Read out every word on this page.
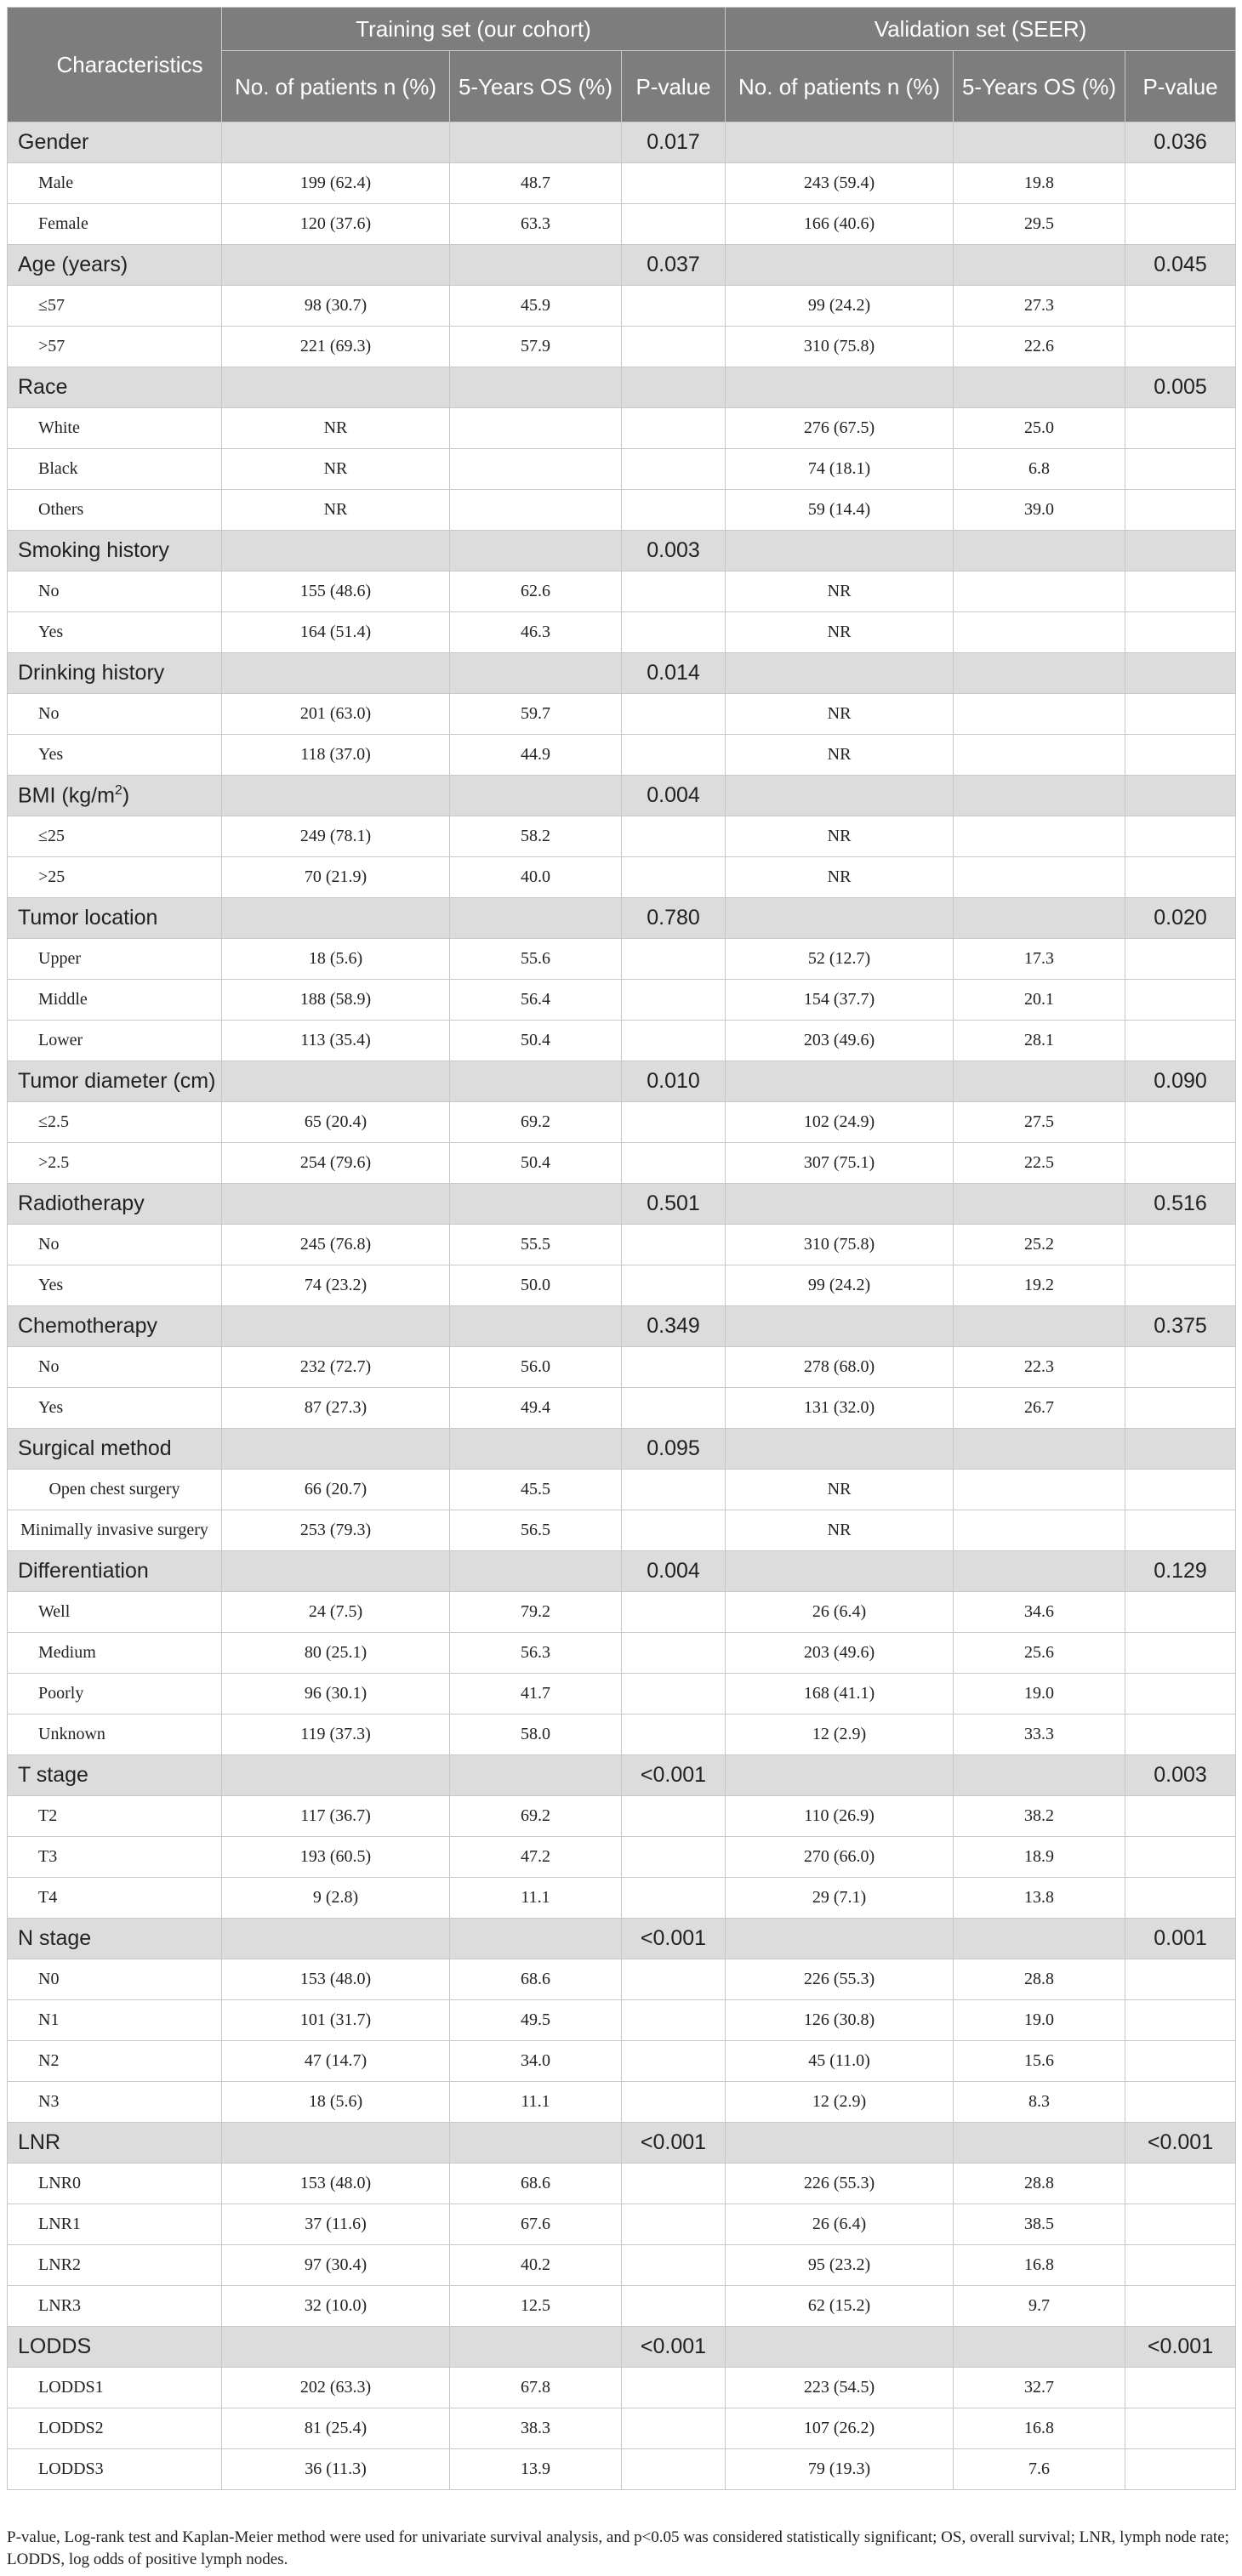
Characteristics	Training set (our cohort)			Validation set (SEER)		
	No. of patients n (%)	5-Years OS (%)	P-value	No. of patients n (%)	5-Years OS (%)	P-value
Gender			0.017			0.036
Male	199 (62.4)	48.7		243 (59.4)	19.8	
Female	120 (37.6)	63.3		166 (40.6)	29.5	
Age (years)			0.037			0.045
≤57	98 (30.7)	45.9		99 (24.2)	27.3	
>57	221 (69.3)	57.9		310 (75.8)	22.6	
Race						0.005
White	NR			276 (67.5)	25.0	
Black	NR			74 (18.1)	6.8	
Others	NR			59 (14.4)	39.0	
Smoking history			0.003			
No	155 (48.6)	62.6		NR		
Yes	164 (51.4)	46.3		NR		
Drinking history			0.014			
No	201 (63.0)	59.7		NR		
Yes	118 (37.0)	44.9		NR		
BMI $(kg/m^2)$			0.004			
≤25	249 (78.1)	58.2		NR		
>25	70 (21.9)	40.0		NR		
Tumor location			0.780			0.020
Upper	18 (5.6)	55.6		52 (12.7)	17.3	
Middle	188 (58.9)	56.4		154 (37.7)	20.1	
Lower	113 (35.4)	50.4		203 (49.6)	28.1	
Tumor diameter (cm)			0.010			0.090
≤2.5	65 (20.4)	69.2		102 (24.9)	27.5	
>2.5	254 (79.6)	50.4		307 (75.1)	22.5	
Radiotherapy			0.501			0.516
No	245 (76.8)	55.5		310 (75.8)	25.2	
Yes	74 (23.2)	50.0		99 (24.2)	19.2	
Chemotherapy			0.349			0.375
No	232 (72.7)	56.0		278 (68.0)	22.3	
Yes	87 (27.3)	49.4		131 (32.0)	26.7	
Surgical method			0.095			
Open chest surgery	66 (20.7)	45.5		NR		
Minimally invasive surgery	253 (79.3)	56.5		NR		
Differentiation			0.004			0.129
Well	24 (7.5)	79.2		26 (6.4)	34.6	
Medium	80 (25.1)	56.3		203 (49.6)	25.6	
Poorly	96 (30.1)	41.7		168 (41.1)	19.0	
Unknown	119 (37.3)	58.0		12 (2.9)	33.3	
T stage			<0.001			0.003
T2	117 (36.7)	69.2		110 (26.9)	38.2	
T3	193 (60.5)	47.2		270 (66.0)	18.9	
T4	9 (2.8)	11.1		29 (7.1)	13.8	
N stage			<0.001			0.001
N0	153 (48.0)	68.6		226 (55.3)	28.8	
N1	101 (31.7)	49.5		126 (30.8)	19.0	
N2	47 (14.7)	34.0		45 (11.0)	15.6	
N3	18 (5.6)	11.1		12 (2.9)	8.3	
LNR			<0.001			<0.001
LNR0	153 (48.0)	68.6		226 (55.3)	28.8	
LNR1	37 (11.6)	67.6		26 (6.4)	38.5	
LNR2	97 (30.4)	40.2		95 (23.2)	16.8	
LNR3	32 (10.0)	12.5		62 (15.2)	9.7	
LODDS			<0.001			<0.001
LODDS1	202 (63.3)	67.8		223 (54.5)	32.7	
LODDS2	81 (25.4)	38.3		107 (26.2)	16.8	
LODDS3	36 (11.3)	13.9		79 (19.3)	7.6	
P-value, Log-rank test and Kaplan-Meier method were used for univariate survival analysis, and p<0.05 was considered statistically significant; OS, overall survival; LNR, lymph node rate; LODDS, log odds of positive lymph nodes.
